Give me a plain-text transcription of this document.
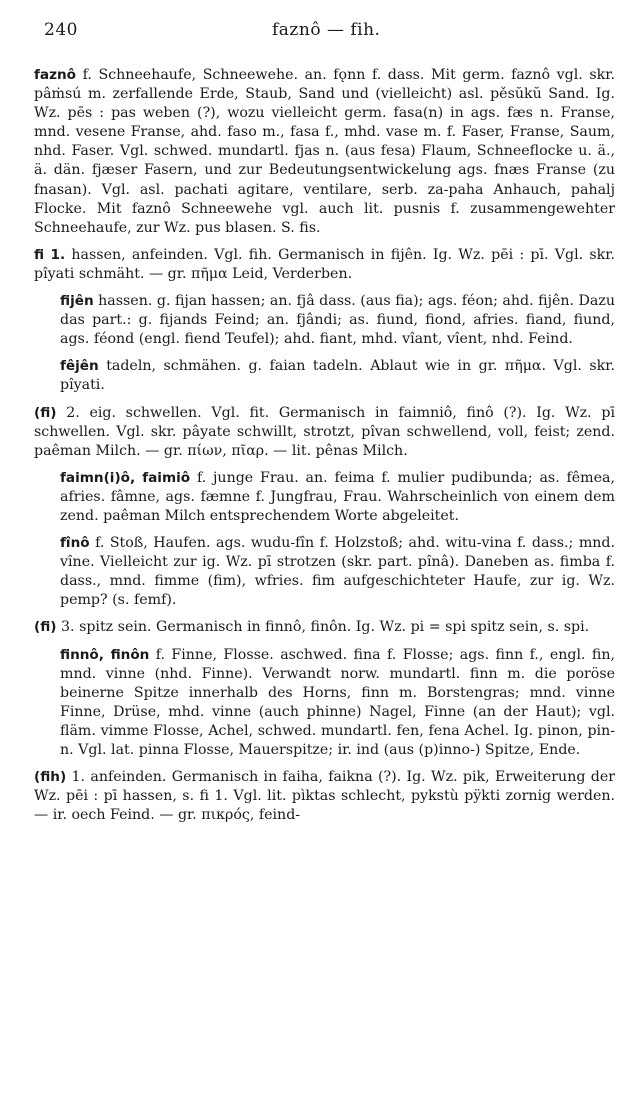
240	faznô — fih.

faznô f. Schneehaufe, Schneewehe. an. fǫnn f. dass. Mit germ. faznô vgl. skr. pâṁsú m. zerfallende Erde, Staub, Sand und (vielleicht) asl. pěsŭkŭ Sand. Ig. Wz. pēs : pas weben (?), wozu vielleicht germ. fasa(n) in ags. fæs n. Franse, mnd. vesene Franse, ahd. faso m., fasa f., mhd. vase m. f. Faser, Franse, Saum, nhd. Faser. Vgl. schwed. mundartl. fjas n. (aus fesa) Flaum, Schneeflocke u. ä., ä. dän. fjæser Fasern, und zur Bedeutungsentwickelung ags. fnæs Franse (zu fnasan). Vgl. asl. pachati agitare, ventilare, serb. za-paha Anhauch, pahalj Flocke. Mit faznô Schneewehe vgl. auch lit. pusnis f. zusammengewehter Schneehaufe, zur Wz. pus blasen. S. fis.

fi 1. hassen, anfeinden. Vgl. fih. Germanisch in fijên. Ig. Wz. pēi : pī. Vgl. skr. pîyati schmäht. — gr. πῆμα Leid, Verderben.

fijên hassen. g. fijan hassen; an. fjâ dass. (aus fia); ags. féon; ahd. fijên. Dazu das part.: g. fijands Feind; an. fjândi; as. fiund, fiond, afries. fiand, fiund, ags. féond (engl. fiend Teufel); ahd. fiant, mhd. vîant, vîent, nhd. Feind.

fêjên tadeln, schmähen. g. faian tadeln. Ablaut wie in gr. πῆμα. Vgl. skr. pîyati.

(fi) 2. eig. schwellen. Vgl. fit. Germanisch in faimniô, finô (?). Ig. Wz. pī schwellen. Vgl. skr. pâyate schwillt, strotzt, pîvan schwellend, voll, feist; zend. paêman Milch. — gr. πίων, πῖαρ. — lit. pênas Milch.

faimn(i)ô, faimiô f. junge Frau. an. feima f. mulier pudibunda; as. fêmea, afries. fâmne, ags. fæmne f. Jungfrau, Frau. Wahrscheinlich von einem dem zend. paêman Milch entsprechendem Worte abgeleitet.

fînô f. Stoß, Haufen. ags. wudu-fîn f. Holzstoß; ahd. witu-vina f. dass.; mnd. vîne. Vielleicht zur ig. Wz. pī strotzen (skr. part. pînâ). Daneben as. fimba f. dass., mnd. fimme (fim), wfries. fim aufgeschichteter Haufe, zur ig. Wz. pemp? (s. femf).

(fi) 3. spitz sein. Germanisch in finnô, finôn. Ig. Wz. pi = spi spitz sein, s. spi.

finnô, finôn f. Finne, Flosse. aschwed. fina f. Flosse; ags. finn f., engl. fin, mnd. vinne (nhd. Finne). Verwandt norw. mundartl. finn m. die poröse beinerne Spitze innerhalb des Horns, finn m. Borstengras; mnd. vinne Finne, Drüse, mhd. vinne (auch phinne) Nagel, Finne (an der Haut); vgl. fläm. vimme Flosse, Achel, schwed. mundartl. fen, fena Achel. Ig. pinon, pin-n. Vgl. lat. pinna Flosse, Mauerspitze; ir. ind (aus (p)inno-) Spitze, Ende.

(fih) 1. anfeinden. Germanisch in faiha, faikna (?). Ig. Wz. pik, Erweiterung der Wz. pēi : pī hassen, s. fi 1. Vgl. lit. pìktas schlecht, pykstù pÿkti zornig werden. — ir. oech Feind. — gr. πικρός, feind-
